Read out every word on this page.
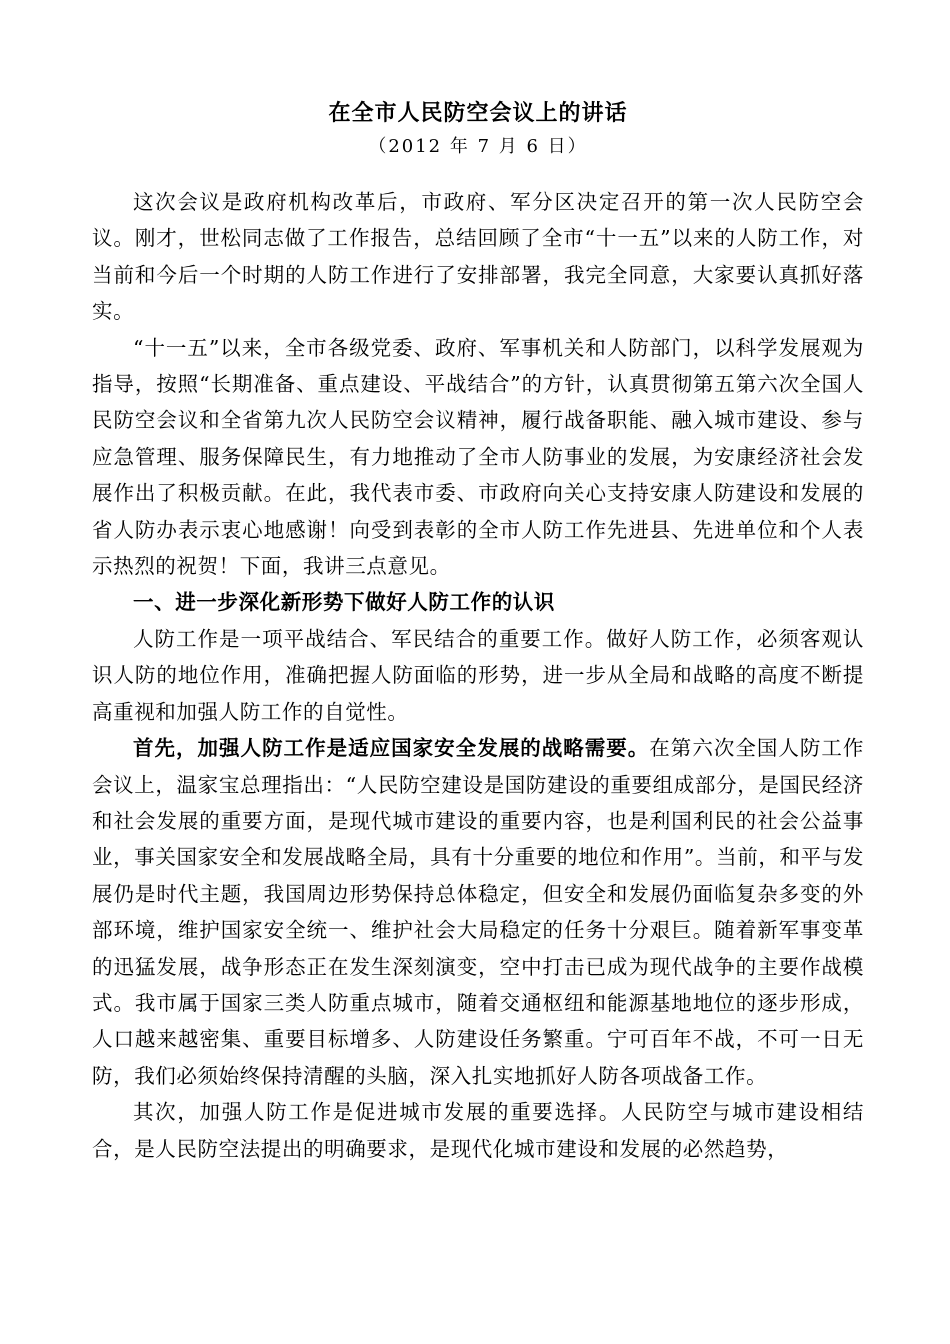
在全市人民防空会议上的讲话
（2012 年 7 月 6 日）

这次会议是政府机构改革后，市政府、军分区决定召开的第一次人民防空会议。刚才，世松同志做了工作报告，总结回顾了全市“十一五”以来的人防工作，对当前和今后一个时期的人防工作进行了安排部署，我完全同意，大家要认真抓好落实。

“十一五”以来，全市各级党委、政府、军事机关和人防部门，以科学发展观为指导，按照“长期准备、重点建设、平战结合”的方针，认真贯彻第五第六次全国人民防空会议和全省第九次人民防空会议精神，履行战备职能、融入城市建设、参与应急管理、服务保障民生，有力地推动了全市人防事业的发展，为安康经济社会发展作出了积极贡献。在此，我代表市委、市政府向关心支持安康人防建设和发展的省人防办表示衷心地感谢！向受到表彰的全市人防工作先进县、先进单位和个人表示热烈的祝贺！下面，我讲三点意见。

一、进一步深化新形势下做好人防工作的认识

人防工作是一项平战结合、军民结合的重要工作。做好人防工作，必须客观认识人防的地位作用，准确把握人防面临的形势，进一步从全局和战略的高度不断提高重视和加强人防工作的自觉性。

首先，加强人防工作是适应国家安全发展的战略需要。在第六次全国人防工作会议上，温家宝总理指出：“人民防空建设是国防建设的重要组成部分，是国民经济和社会发展的重要方面，是现代城市建设的重要内容，也是利国利民的社会公益事业，事关国家安全和发展战略全局，具有十分重要的地位和作用”。当前，和平与发展仍是时代主题，我国周边形势保持总体稳定，但安全和发展仍面临复杂多变的外部环境，维护国家安全统一、维护社会大局稳定的任务十分艰巨。随着新军事变革的迅猛发展，战争形态正在发生深刻演变，空中打击已成为现代战争的主要作战模式。我市属于国家三类人防重点城市，随着交通枢纽和能源基地地位的逐步形成，人口越来越密集、重要目标增多、人防建设任务繁重。宁可百年不战，不可一日无防，我们必须始终保持清醒的头脑，深入扎实地抓好人防各项战备工作。

其次，加强人防工作是促进城市发展的重要选择。人民防空与城市建设相结合，是人民防空法提出的明确要求，是现代化城市建设和发展的必然趋势，
